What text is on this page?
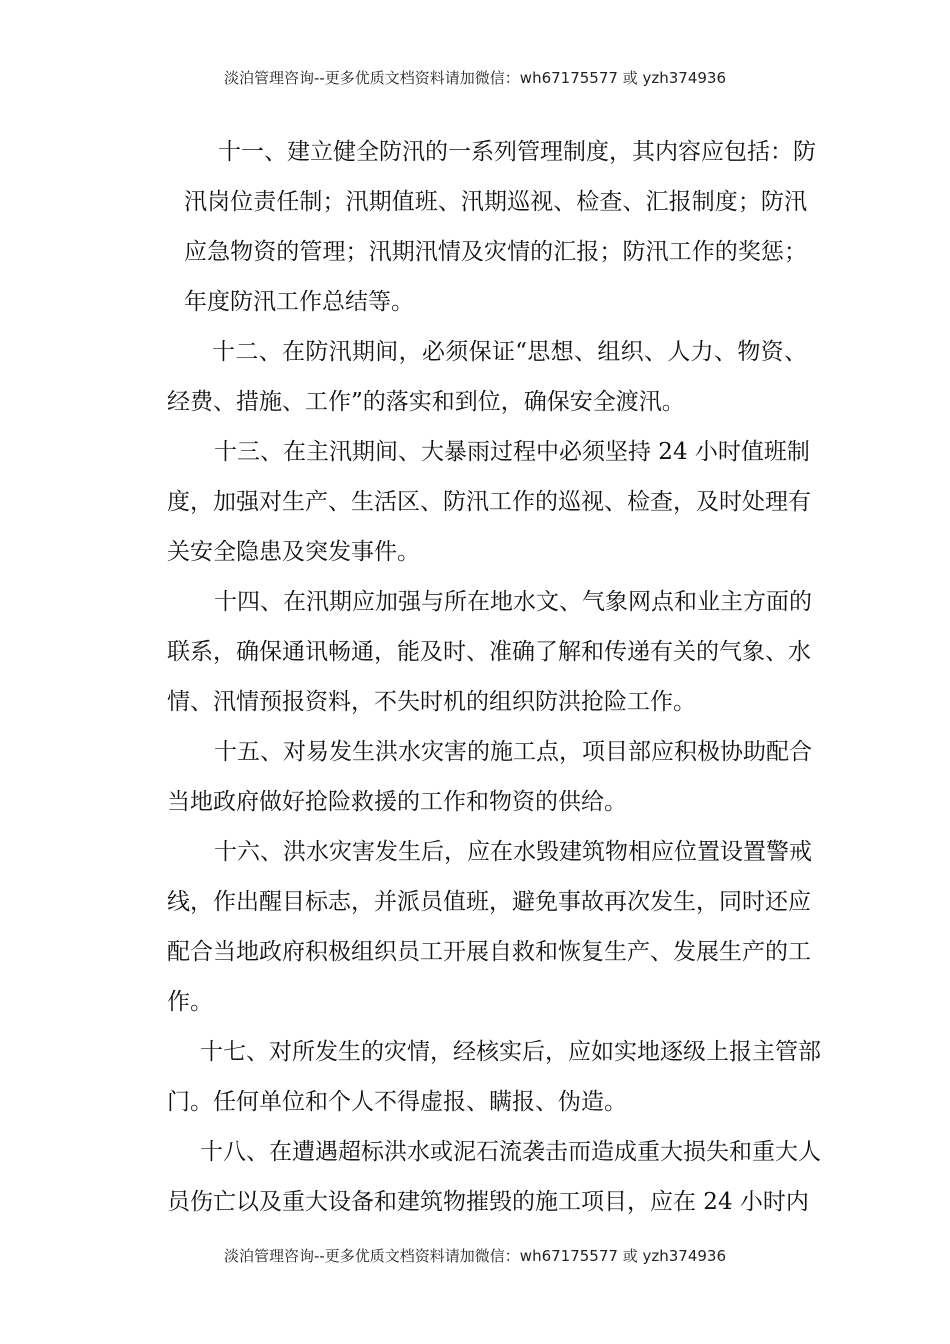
淡泊管理咨询--更多优质文档资料请加微信：wh67175577 或 yzh374936
十一、建立健全防汛的一系列管理制度，其内容应包括：防
汛岗位责任制；汛期值班、汛期巡视、检查、汇报制度；防汛
应急物资的管理；汛期汛情及灾情的汇报；防汛工作的奖惩；
年度防汛工作总结等。
十二、在防汛期间，必须保证“思想、组织、人力、物资、
经费、措施、工作”的落实和到位，确保安全渡汛。
十三、在主汛期间、大暴雨过程中必须坚持 24 小时值班制
度，加强对生产、生活区、防汛工作的巡视、检查，及时处理有
关安全隐患及突发事件。
十四、在汛期应加强与所在地水文、气象网点和业主方面的
联系，确保通讯畅通，能及时、准确了解和传递有关的气象、水
情、汛情预报资料，不失时机的组织防洪抢险工作。
十五、对易发生洪水灾害的施工点，项目部应积极协助配合
当地政府做好抢险救援的工作和物资的供给。
十六、洪水灾害发生后，应在水毁建筑物相应位置设置警戒
线，作出醒目标志，并派员值班，避免事故再次发生，同时还应
配合当地政府积极组织员工开展自救和恢复生产、发展生产的工
作。
十七、对所发生的灾情，经核实后，应如实地逐级上报主管部
门。任何单位和个人不得虚报、瞒报、伪造。
十八、在遭遇超标洪水或泥石流袭击而造成重大损失和重大人
员伤亡以及重大设备和建筑物摧毁的施工项目，应在 24 小时内
淡泊管理咨询--更多优质文档资料请加微信：wh67175577 或 yzh374936
